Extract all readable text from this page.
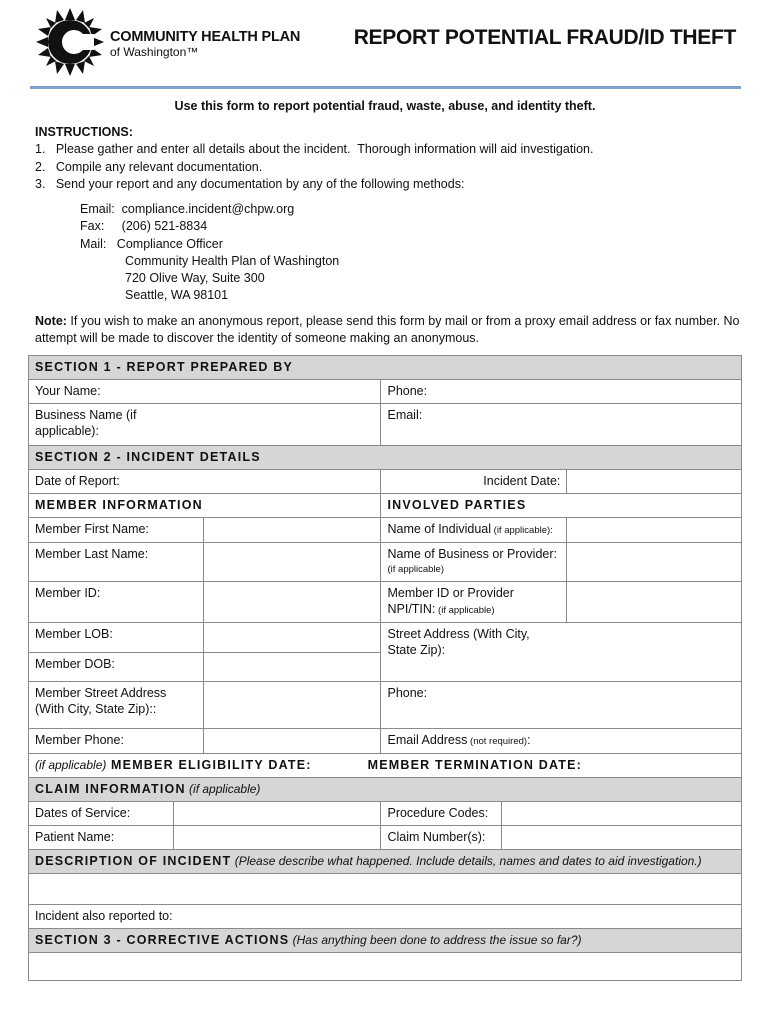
COMMUNITY HEALTH PLAN
of Washington™
REPORT POTENTIAL FRAUD/ID THEFT
Use this form to report potential fraud, waste, abuse, and identity theft.
INSTRUCTIONS:
1.   Please gather and enter all details about the incident.  Thorough information will aid investigation.
2.   Compile any relevant documentation.
3.   Send your report and any documentation by any of the following methods:
Email:  compliance.incident@chpw.org
Fax:     (206) 521-8834
Mail:   Compliance Officer
Community Health Plan of Washington
720 Olive Way, Suite 300
Seattle, WA 98101
Note: If you wish to make an anonymous report, please send this form by mail or from a proxy email address or fax number. No attempt will be made to discover the identity of someone making an anonymous.
SECTION 1 - REPORT PREPARED BY					
Your Name:			Phone:		

Business Name (if applicable):			Email:		
SECTION 2 - INCIDENT DETAILS					
Date of Report:			Incident Date:		
MEMBER INFORMATION			INVOLVED PARTIES		
Member First Name:			Name of Individual (if applicable):		
Member Last Name:			Name of Business or Provider:
(if applicable)		

Member ID:			Member ID or Provider NPI/TIN: (if applicable)		

Member LOB:			Street Address (With City, State Zip):		

Member DOB:					

Member Street Address (With City, State Zip)::			Phone:		
Member Phone:			Email Address (not required):		
(if applicable) MEMBER ELIGIBILITY DATE: MEMBER TERMINATION DATE:					
CLAIM INFORMATION (if applicable)					
Dates of Service:			Procedure Codes:		
Patient Name:			Claim Number(s):		
DESCRIPTION OF INCIDENT (Please describe what happened. Include details, names and dates to aid investigation.)					

Incident also reported to:					
SECTION 3 - CORRECTIVE ACTIONS (Has anything been done to address the issue so far?)					
